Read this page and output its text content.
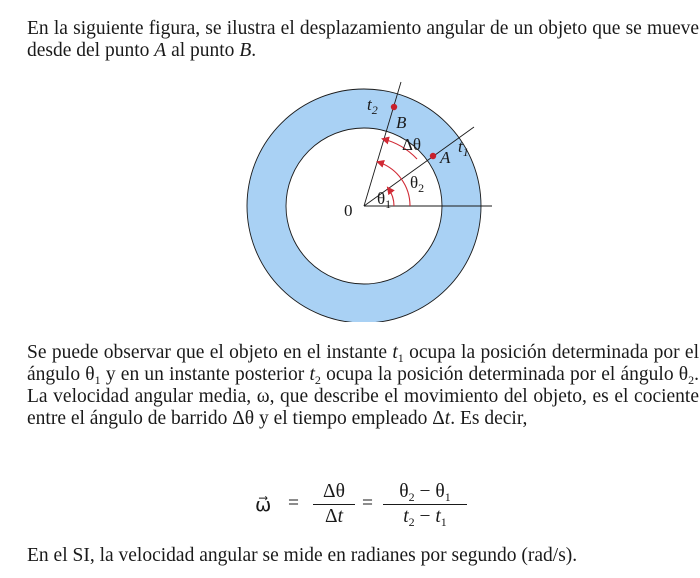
En la siguiente figura, se ilustra el desplazamiento angular de un objeto que se mueve desde del punto A al punto B.

$t_2$
B
Δθ
A
$t_1$
$\theta_2$
0
$\theta_1$

Se puede observar que el objeto en el instante $t_1$ ocupa la posición determinada por el ángulo $\theta_1$ y en un instante posterior $t_2$ ocupa la posición determinada por el ángulo $\theta_2$. La velocidad angular media, ω, que describe el movimiento del objeto, es el cociente entre el ángulo de barrido Δθ y el tiempo empleado Δt. Es decir,

ω⃗ =
Δθ
Δt
=
$\theta_2 - \theta_1$
$t_2 - t_1$

En el SI, la velocidad angular se mide en radianes por segundo (rad/s).
